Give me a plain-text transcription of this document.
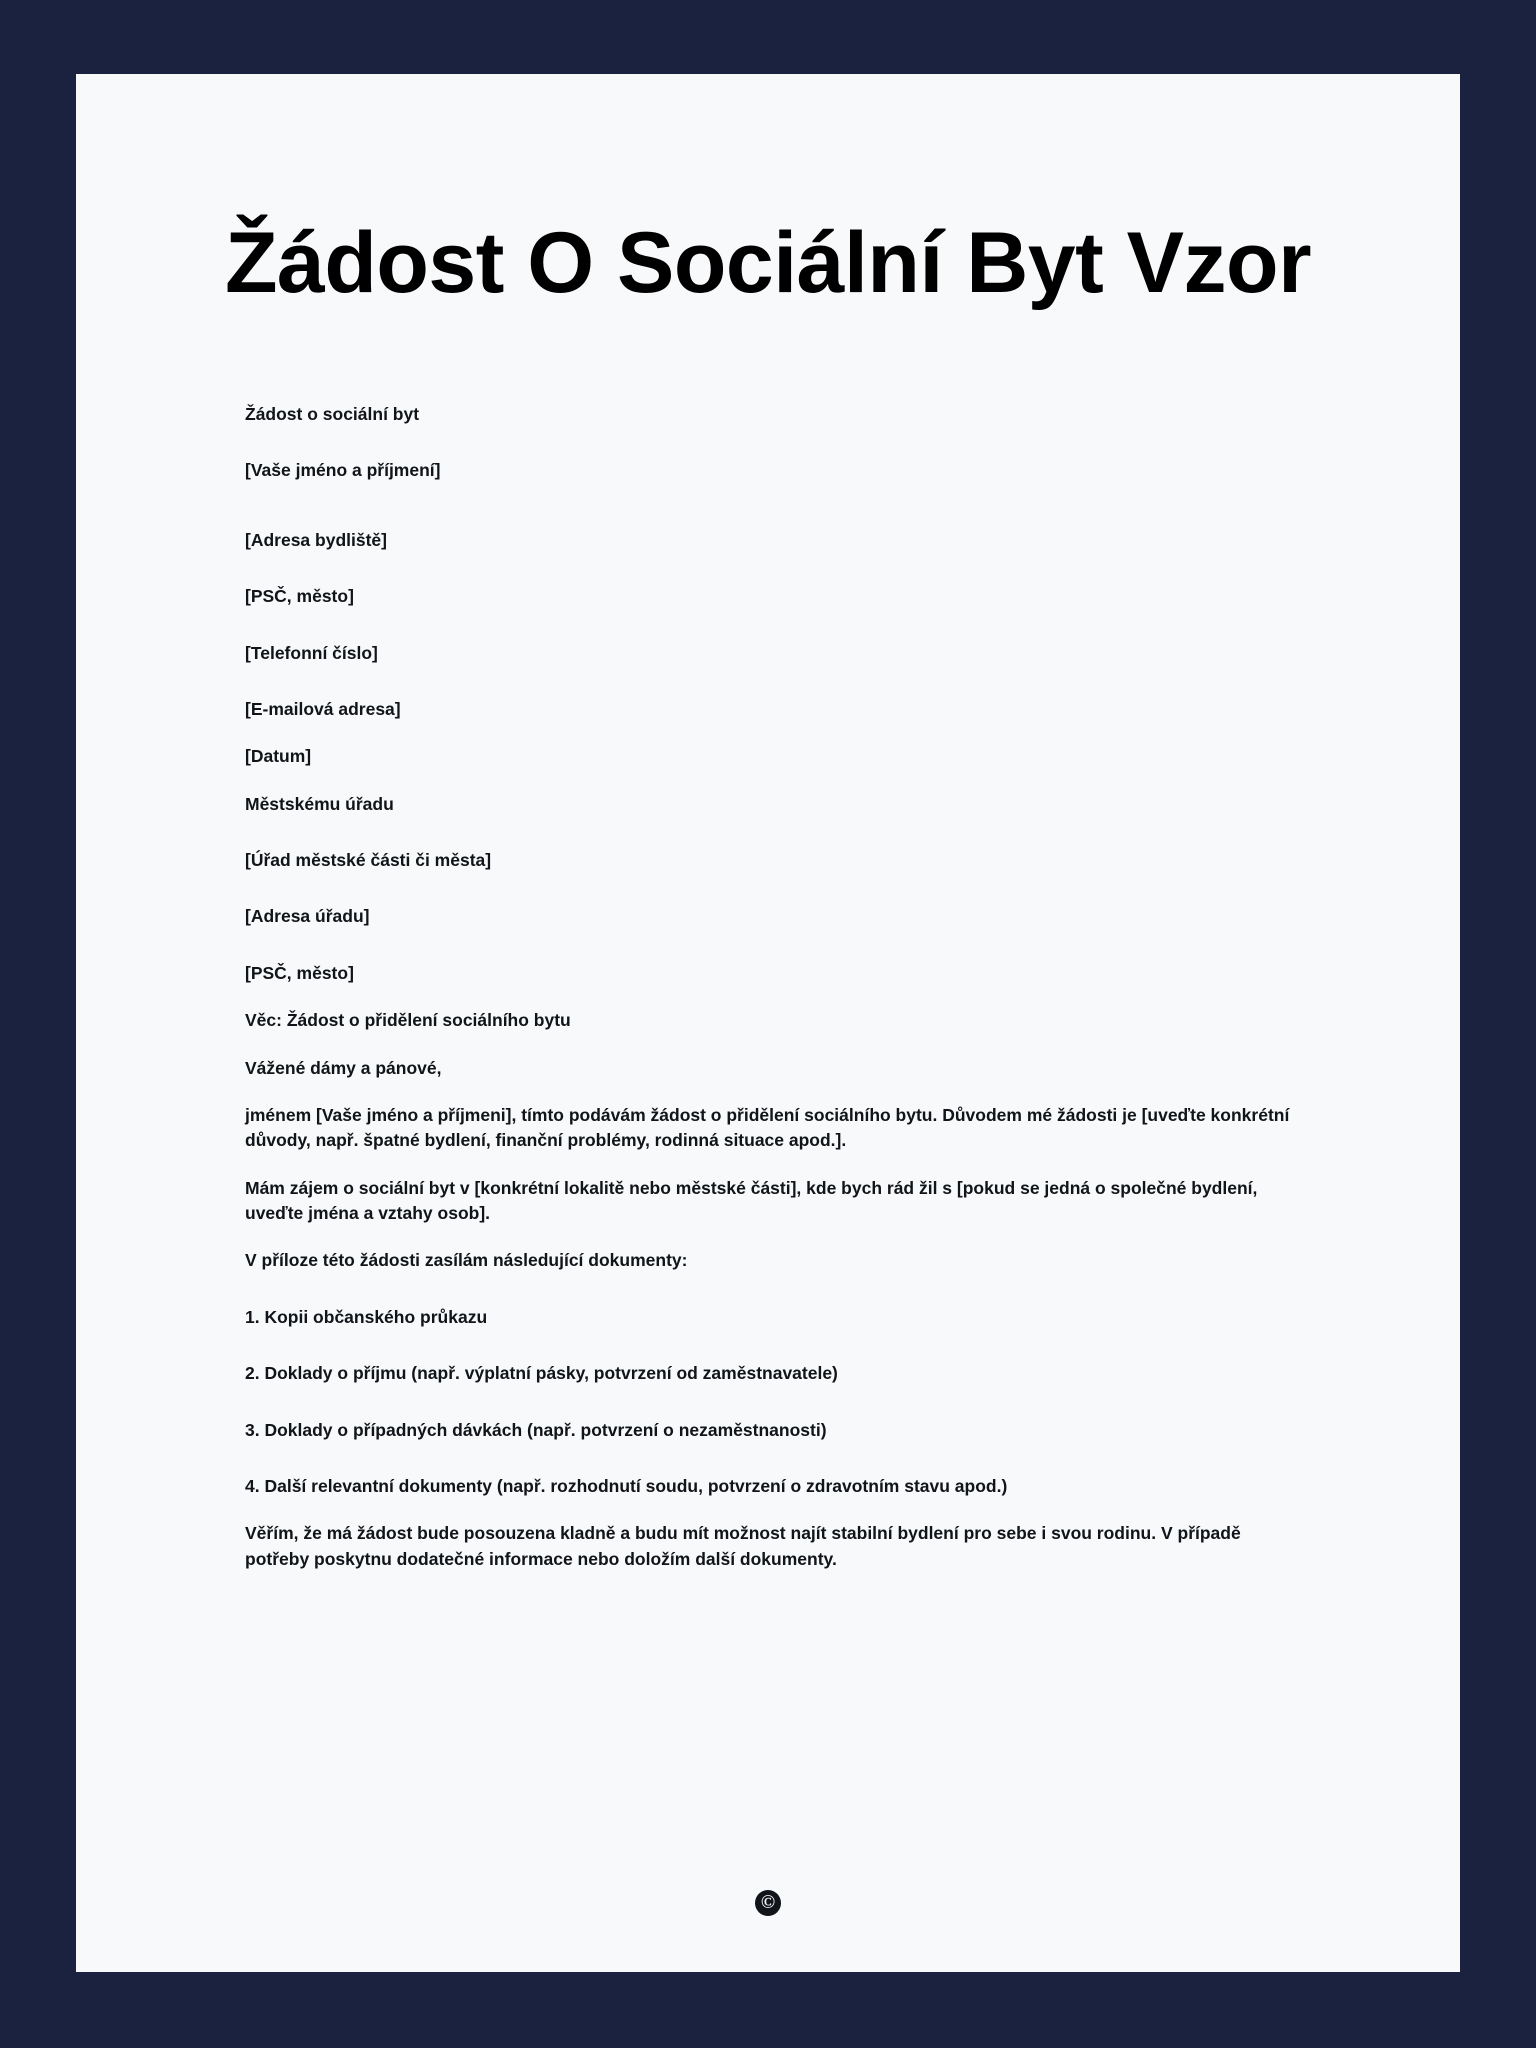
Žádost O Sociální Byt Vzor

Žádost o sociální byt

[Vaše jméno a příjmení]

[Adresa bydliště]

[PSČ, město]

[Telefonní číslo]

[E-mailová adresa]

[Datum]

Městskému úřadu

[Úřad městské části či města]

[Adresa úřadu]

[PSČ, město]

Věc: Žádost o přidělení sociálního bytu

Vážené dámy a pánové,

jménem [Vaše jméno a příjmeni], tímto podávám žádost o přidělení sociálního bytu. Důvodem mé žádosti je [uveďte konkrétní důvody, např. špatné bydlení, finanční problémy, rodinná situace apod.].

Mám zájem o sociální byt v [konkrétní lokalitě nebo městské části], kde bych rád žil s [pokud se jedná o společné bydlení, uveďte jména a vztahy osob].

V příloze této žádosti zasílám následující dokumenty:

1. Kopii občanského průkazu

2. Doklady o příjmu (např. výplatní pásky, potvrzení od zaměstnavatele)

3. Doklady o případných dávkách (např. potvrzení o nezaměstnanosti)

4. Další relevantní dokumenty (např. rozhodnutí soudu, potvrzení o zdravotním stavu apod.)

Věřím, že má žádost bude posouzena kladně a budu mít možnost najít stabilní bydlení pro sebe i svou rodinu. V případě potřeby poskytnu dodatečné informace nebo doložím další dokumenty.

©
